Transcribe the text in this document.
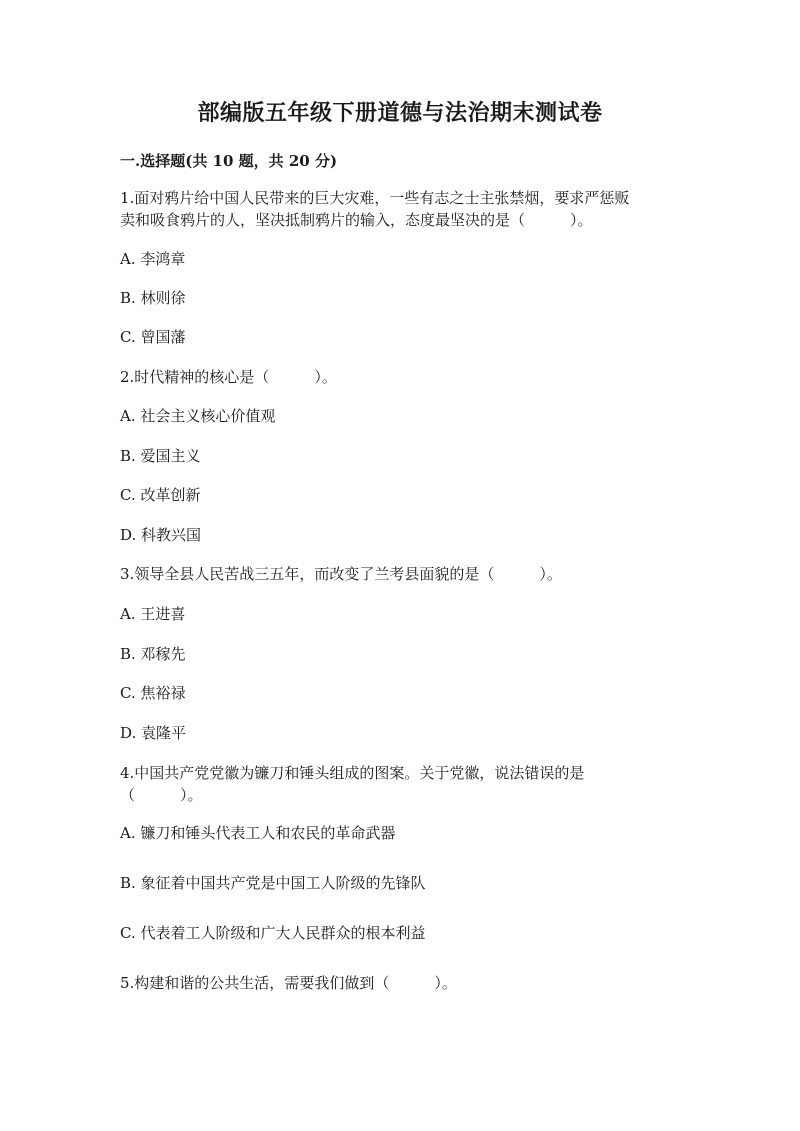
部编版五年级下册道德与法治期末测试卷
一.选择题(共 10 题，共 20 分)
1.面对鸦片给中国人民带来的巨大灾难，一些有志之士主张禁烟，要求严惩贩
卖和吸食鸦片的人，坚决抵制鸦片的输入，态度最坚决的是（　　　）。
A. 李鸿章
B. 林则徐
C. 曾国藩
2.时代精神的核心是（　　　）。
A. 社会主义核心价值观
B. 爱国主义
C. 改革创新
D. 科教兴国
3.领导全县人民苦战三五年，而改变了兰考县面貌的是（　　　）。
A. 王进喜
B. 邓稼先
C. 焦裕禄
D. 袁隆平
4.中国共产党党徽为镰刀和锤头组成的图案。关于党徽，说法错误的是
（　　　）。
A. 镰刀和锤头代表工人和农民的革命武器
B. 象征着中国共产党是中国工人阶级的先锋队
C. 代表着工人阶级和广大人民群众的根本利益
5.构建和谐的公共生活，需要我们做到（　　　）。
